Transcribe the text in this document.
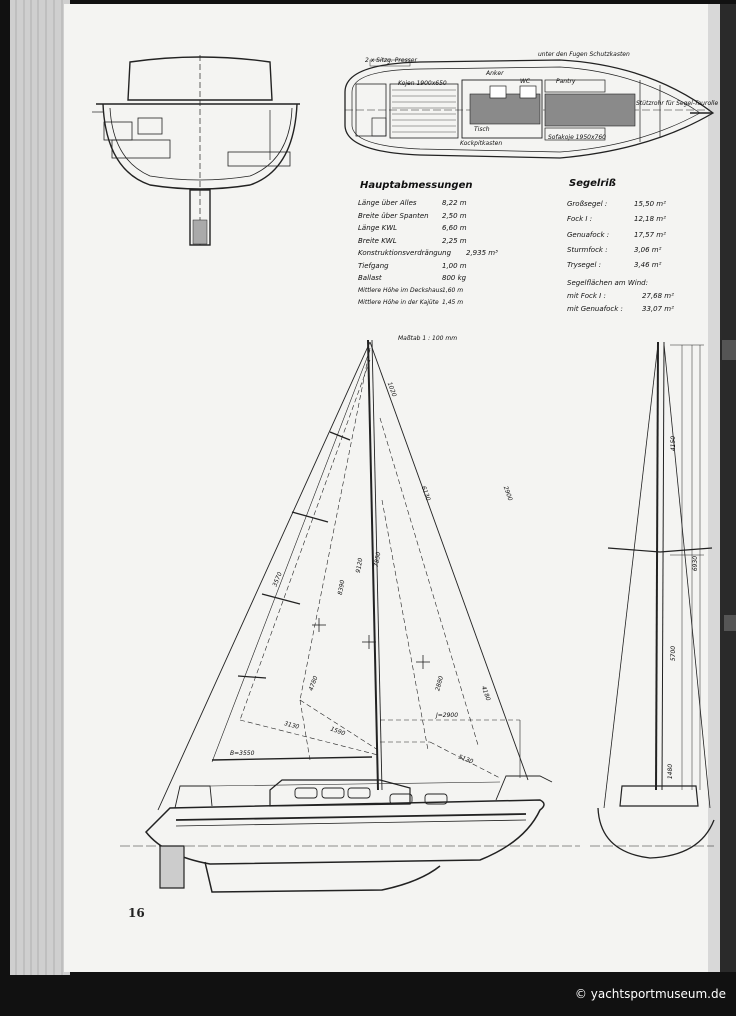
2 x Sitzg. Presser
unter den Fugen Schutzkasten
Kojen 1900x650
Anker
WC
Tisch
Pantry
Sofakoje 1950x760
Kockpitkasten
Stützrohr für Segel-Taurolle
Hauptabmessungen
Länge über Alles	8,22 m
Breite über Spanten 2,50 m
Länge KWL	6,60 m
Breite KWL	2,25 m
Konstruktionsverdrängung 2,935 m³
Tiefgang	1,00 m
Ballast	800 kg
Mittlere Höhe im Deckshaus 1,60 m
Mittlere Höhe in der Kajüte 1,45 m
Segelriß
Großsegel :	15,50 m²
Fock I :	12,18 m²
Genuafock :	17,57 m²
Sturmfock :	3,06 m²
Trysegel :	3,46 m²
Segelflächen am Wind:
mit Fock I :	27,68 m²
mit Genuafock :	33,07 m²
Maßtab 1 : 100 mm
1020
6130
3570	8390
9120 7850
4780	2880
4180
3130
1590
B=3550
J=2900
5130
4150
6930
5700
1480
2900
16
© yachtsportmuseum.de
